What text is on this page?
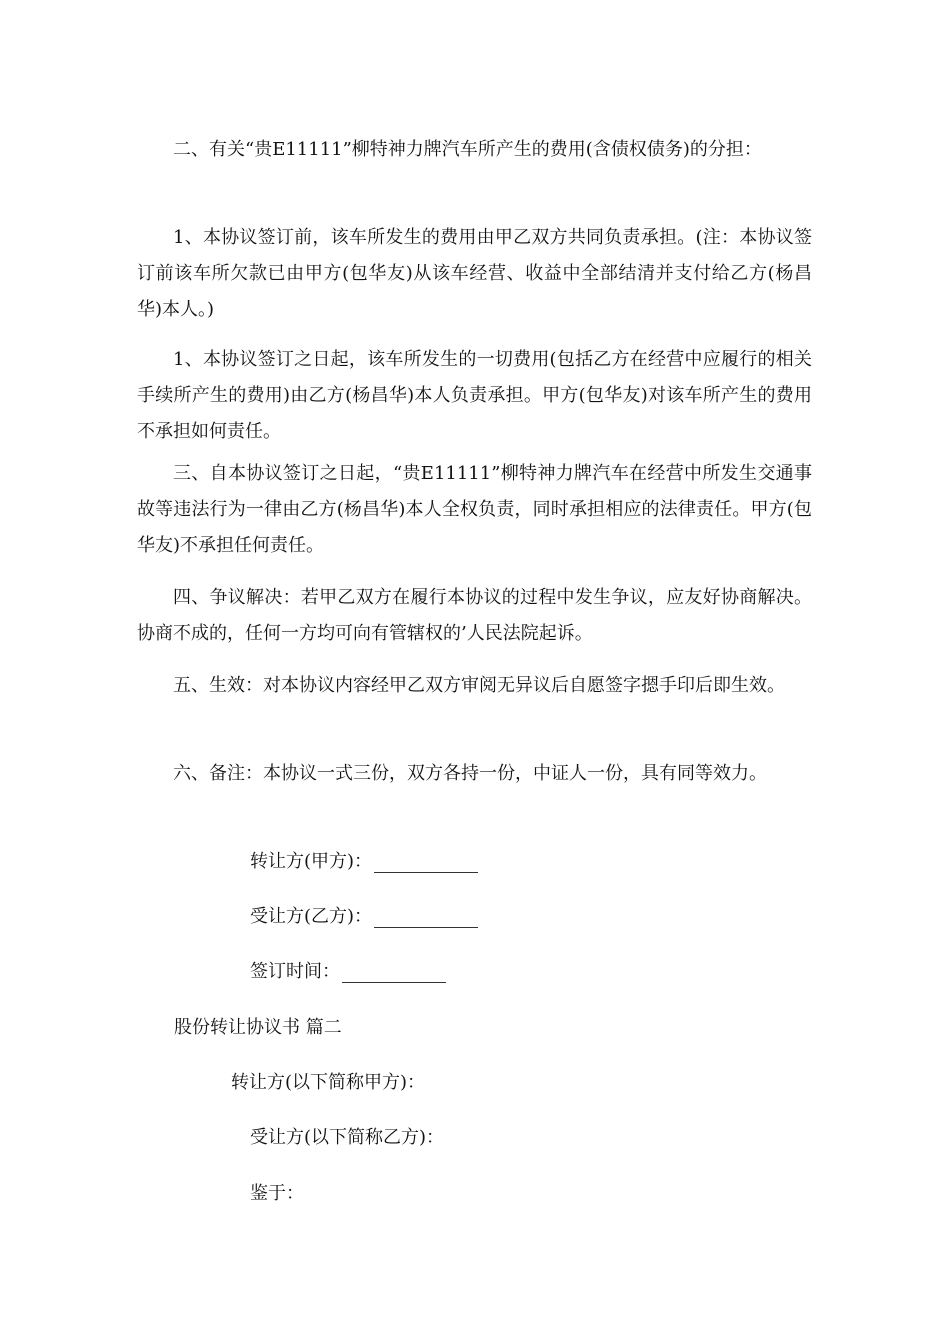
二、有关“贵E11111”柳特神力牌汽车所产生的费用(含债权债务)的分担：

1、本协议签订前，该车所发生的费用由甲乙双方共同负责承担。(注：本协议签订前该车所欠款已由甲方(包华友)从该车经营、收益中全部结清并支付给乙方(杨昌华)本人。)

1、本协议签订之日起，该车所发生的一切费用(包括乙方在经营中应履行的相关手续所产生的费用)由乙方(杨昌华)本人负责承担。甲方(包华友)对该车所产生的费用不承担如何责任。

三、自本协议签订之日起，“贵E11111”柳特神力牌汽车在经营中所发生交通事故等违法行为一律由乙方(杨昌华)本人全权负责，同时承担相应的法律责任。甲方(包华友)不承担任何责任。

四、争议解决：若甲乙双方在履行本协议的过程中发生争议，应友好协商解决。协商不成的，任何一方均可向有管辖权的’人民法院起诉。

五、生效：对本协议内容经甲乙双方审阅无异议后自愿签字摁手印后即生效。

六、备注：本协议一式三份，双方各持一份，中证人一份，具有同等效力。

转让方(甲方)：
受让方(乙方)：
签订时间：
股份转让协议书 篇二
转让方(以下简称甲方)：
受让方(以下简称乙方)：
鉴于：
